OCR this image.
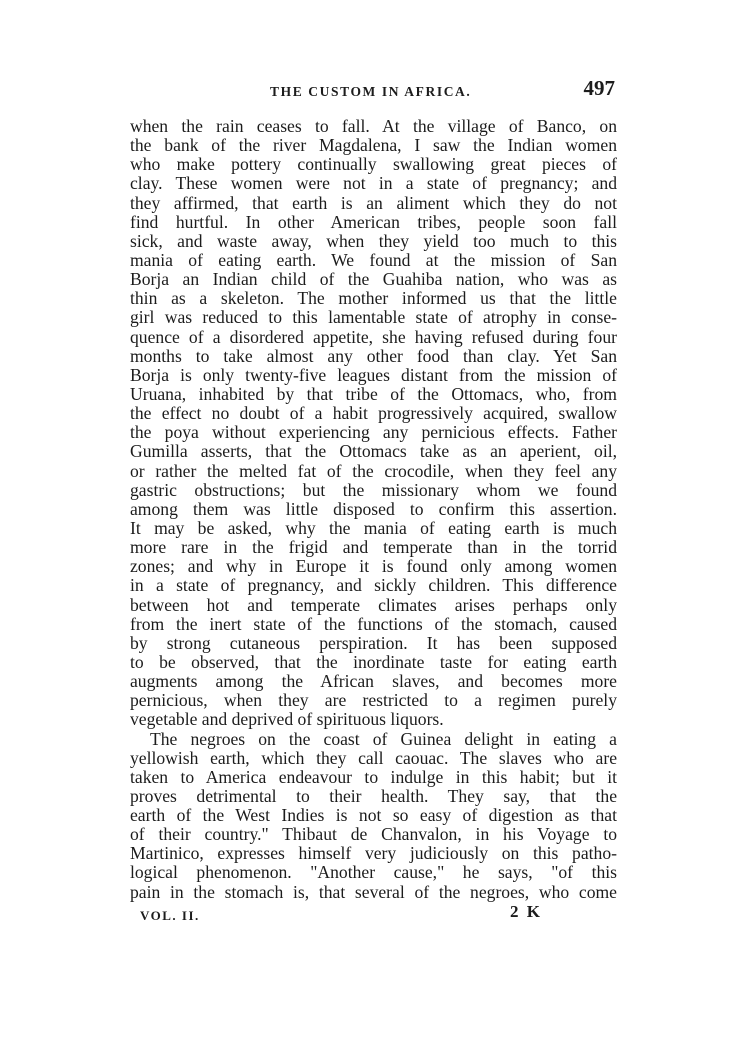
THE CUSTOM IN AFRICA.	497
when the rain ceases to fall. At the village of Banco, on
the bank of the river Magdalena, I saw the Indian women
who make pottery continually swallowing great pieces of
clay. These women were not in a state of pregnancy; and
they affirmed, that earth is an aliment which they do not
find hurtful. In other American tribes, people soon fall
sick, and waste away, when they yield too much to this
mania of eating earth. We found at the mission of San
Borja an Indian child of the Guahiba nation, who was as
thin as a skeleton. The mother informed us that the little
girl was reduced to this lamentable state of atrophy in conse-
quence of a disordered appetite, she having refused during four
months to take almost any other food than clay. Yet San
Borja is only twenty-five leagues distant from the mission of
Uruana, inhabited by that tribe of the Ottomacs, who, from
the effect no doubt of a habit progressively acquired, swallow
the poya without experiencing any pernicious effects. Father
Gumilla asserts, that the Ottomacs take as an aperient, oil,
or rather the melted fat of the crocodile, when they feel any
gastric obstructions; but the missionary whom we found
among them was little disposed to confirm this assertion.
It may be asked, why the mania of eating earth is much
more rare in the frigid and temperate than in the torrid
zones; and why in Europe it is found only among women
in a state of pregnancy, and sickly children. This difference
between hot and temperate climates arises perhaps only
from the inert state of the functions of the stomach, caused
by strong cutaneous perspiration. It has been supposed
to be observed, that the inordinate taste for eating earth
augments among the African slaves, and becomes more
pernicious, when they are restricted to a regimen purely
vegetable and deprived of spirituous liquors.
The negroes on the coast of Guinea delight in eating a
yellowish earth, which they call caouac. The slaves who are
taken to America endeavour to indulge in this habit; but it
proves detrimental to their health. They say, that the
earth of the West Indies is not so easy of digestion as that
of their country." Thibaut de Chanvalon, in his Voyage to
Martinico, expresses himself very judiciously on this patho-
logical phenomenon. "Another cause," he says, "of this
pain in the stomach is, that several of the negroes, who come
VOL. II.	2 K
